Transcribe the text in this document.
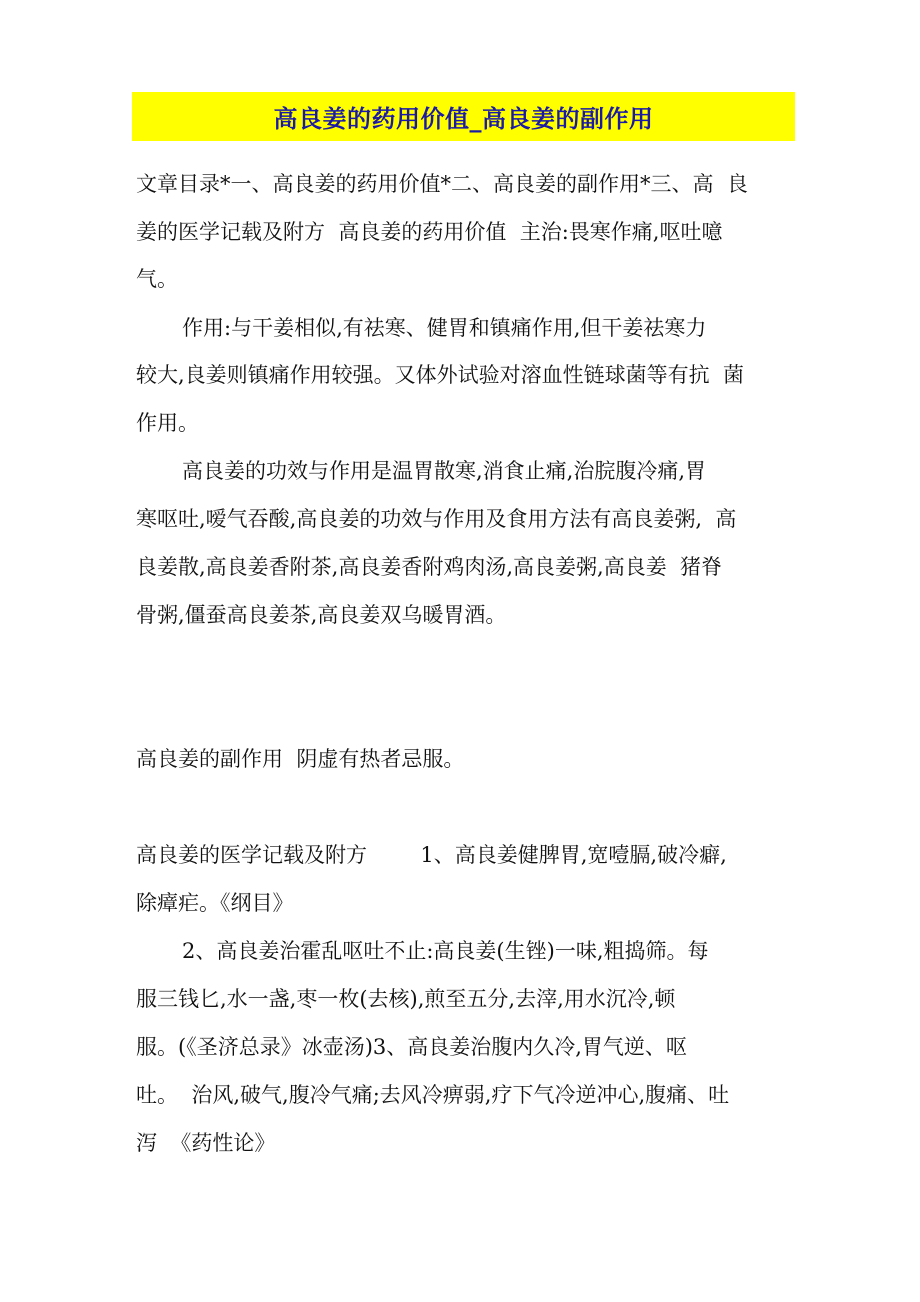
高良姜的药用价值_高良姜的副作用
文章目录*一、高良姜的药用价值*二、高良姜的副作用*三、高  良
姜的医学记载及附方  高良姜的药用价值  主治:畏寒作痛,呕吐噫
气。
作用:与干姜相似,有祛寒、健胃和镇痛作用,但干姜祛寒力
较大,良姜则镇痛作用较强。又体外试验对溶血性链球菌等有抗  菌
作用。
高良姜的功效与作用是温胃散寒,消食止痛,治脘腹冷痛,胃
寒呕吐,嗳气吞酸,高良姜的功效与作用及食用方法有高良姜粥,  高
良姜散,高良姜香附茶,高良姜香附鸡肉汤,高良姜粥,高良姜  猪脊
骨粥,僵蚕高良姜茶,高良姜双乌暖胃酒。
高良姜的副作用  阴虚有热者忌服。
高良姜的医学记载及附方        1、高良姜健脾胃,宽噎膈,破冷癖,
除瘴疟。《纲目》
2、高良姜治霍乱呕吐不止:高良姜(生锉)一味,粗捣筛。每
服三钱匕,水一盏,枣一枚(去核),煎至五分,去滓,用水沉冷,顿
服。(《圣济总录》冰壶汤)3、高良姜治腹内久冷,胃气逆、呕
吐。  治风,破气,腹冷气痛;去风冷痹弱,疗下气冷逆冲心,腹痛、吐
泻  《药性论》
